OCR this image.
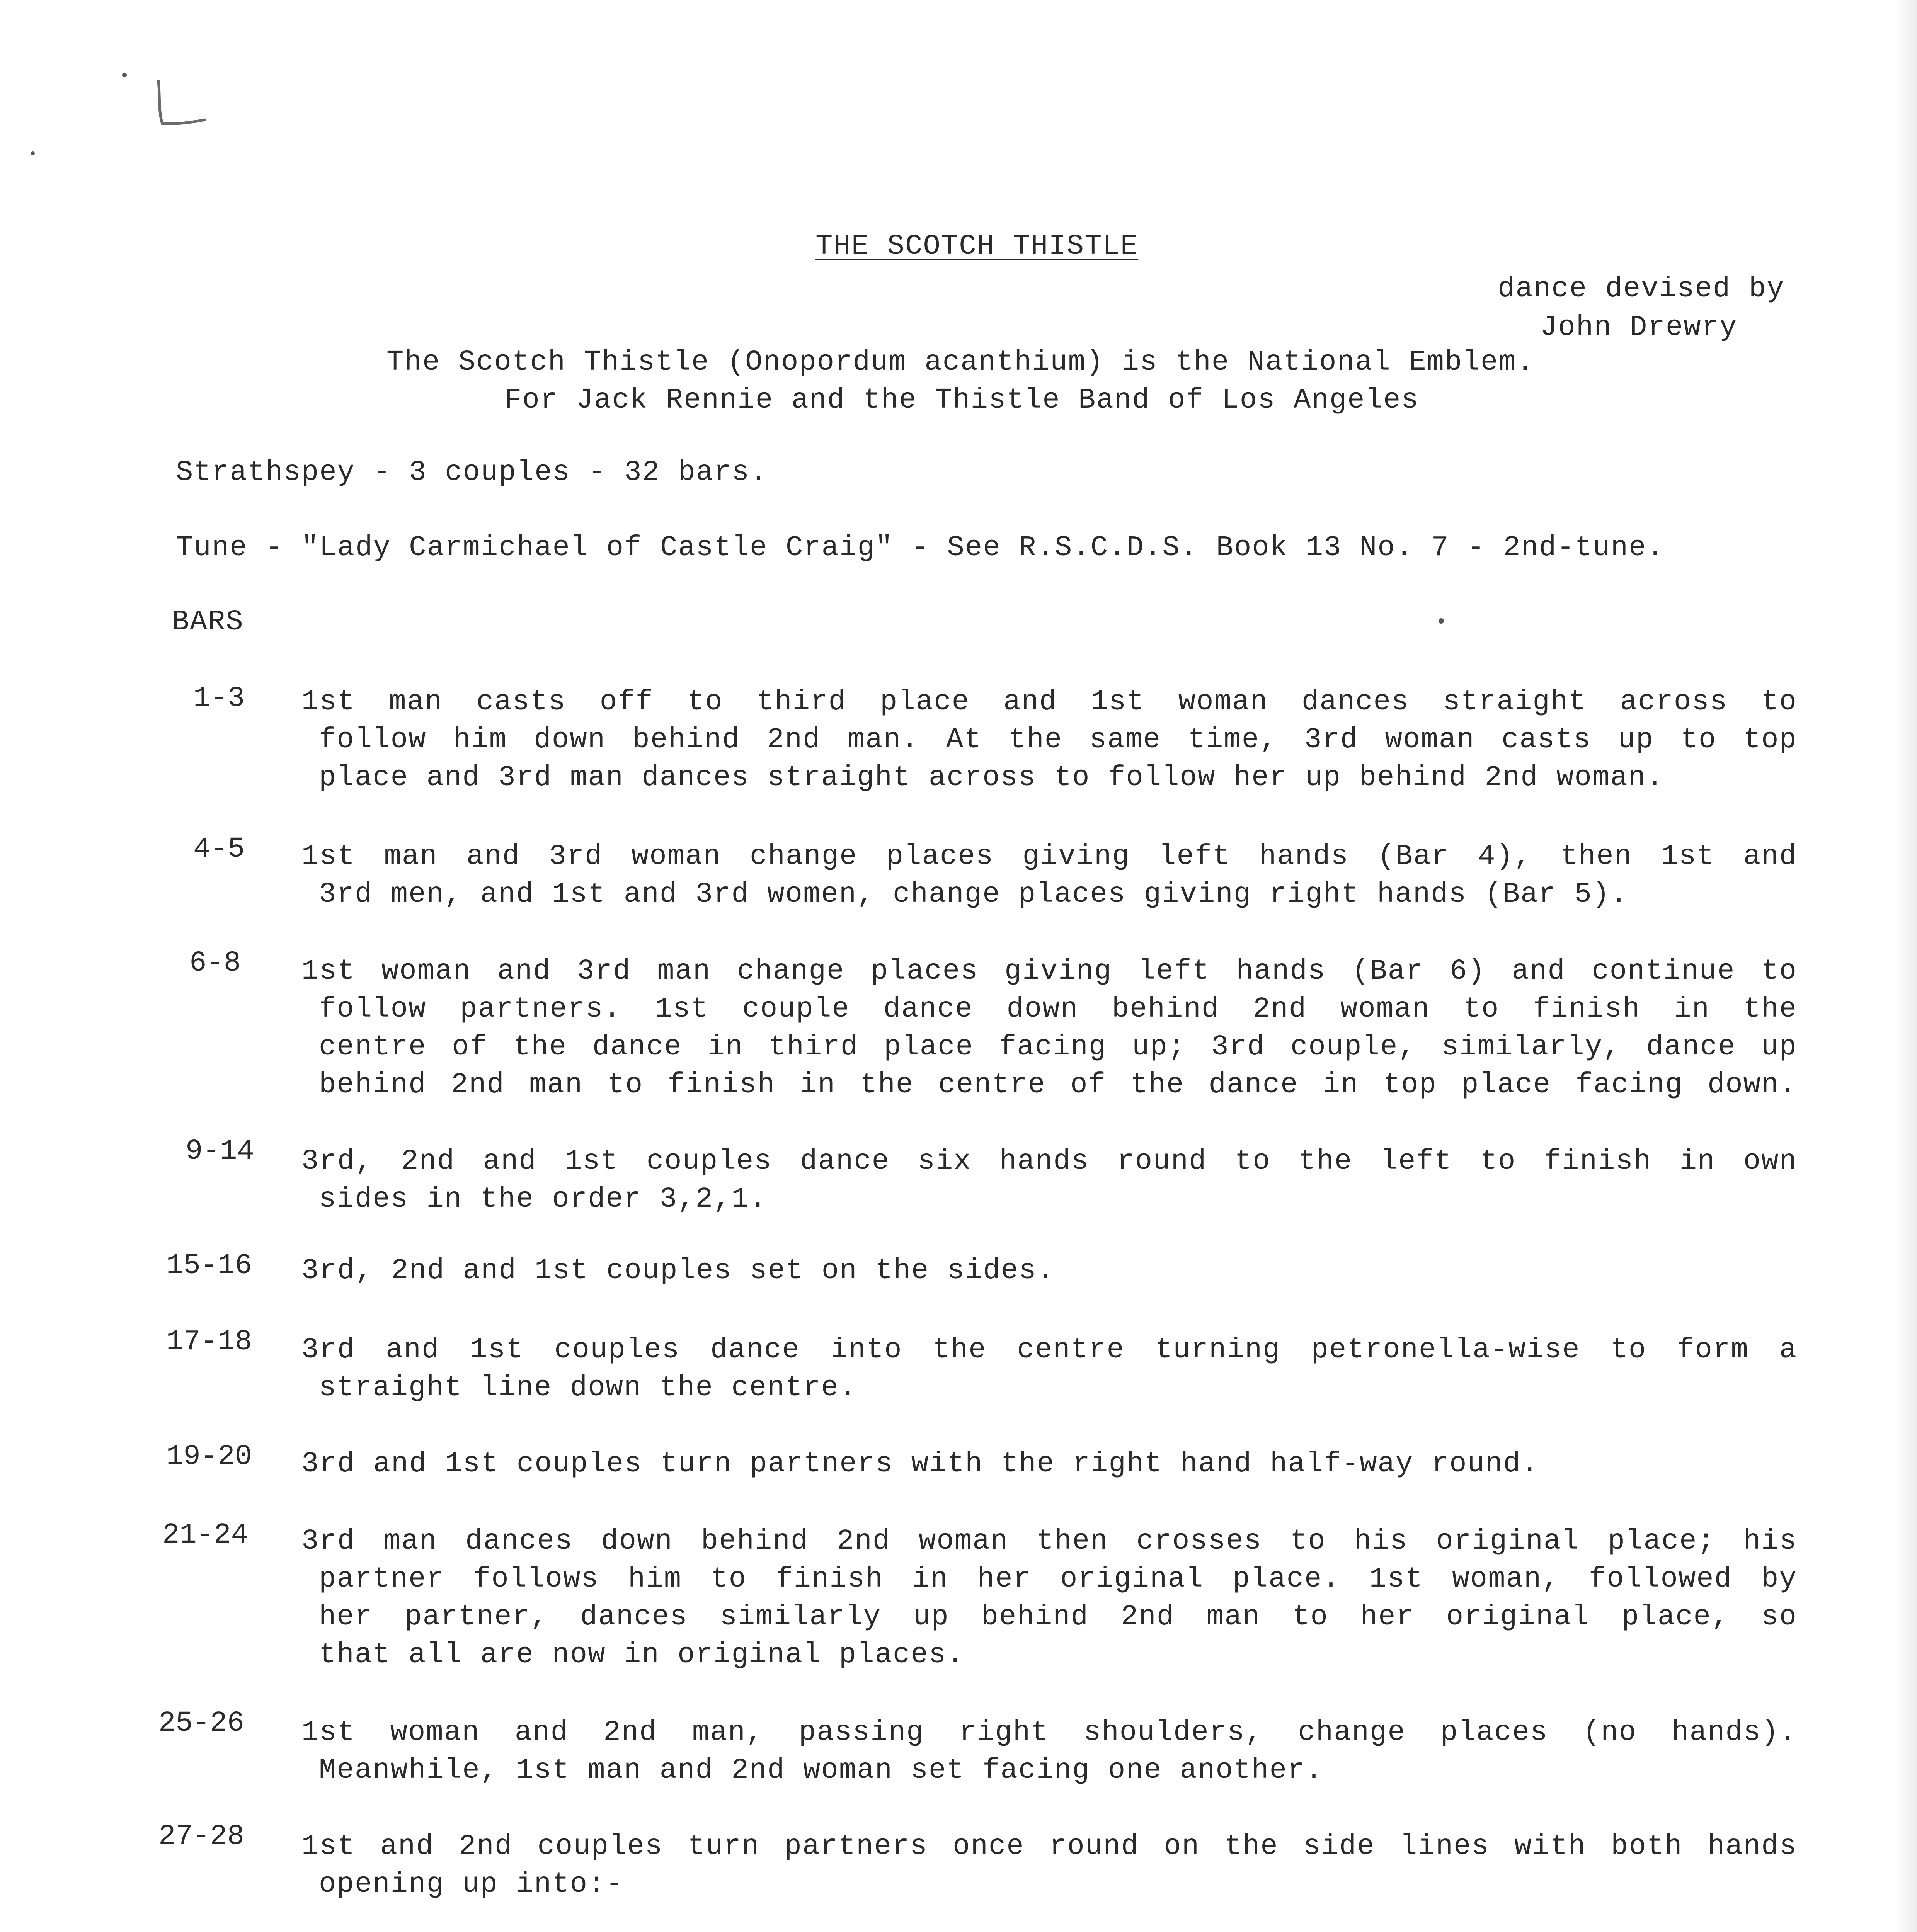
THE SCOTCH THISTLE
dance devised by
John Drewry
The Scotch Thistle (Onopordum acanthium) is the National Emblem.
For Jack Rennie and the Thistle Band of Los Angeles
Strathspey - 3 couples - 32 bars.
Tune - "Lady Carmichael of Castle Craig" - See R.S.C.D.S. Book 13 No. 7 - 2nd-tune.
BARS
1-3 1st man casts off to third place and 1st woman dances straight across to
follow him down behind 2nd man. At the same time, 3rd woman casts up to top
place and 3rd man dances straight across to follow her up behind 2nd woman.
4-5 1st man and 3rd woman change places giving left hands (Bar 4), then 1st and
3rd men, and 1st and 3rd women, change places giving right hands (Bar 5).
6-8 1st woman and 3rd man change places giving left hands (Bar 6) and continue to
follow partners. 1st couple dance down behind 2nd woman to finish in the
centre of the dance in third place facing up; 3rd couple, similarly, dance up
behind 2nd man to finish in the centre of the dance in top place facing down.
9-14 3rd, 2nd and 1st couples dance six hands round to the left to finish in own
sides in the order 3,2,1.
15-16 3rd, 2nd and 1st couples set on the sides.
17-18 3rd and 1st couples dance into the centre turning petronella-wise to form a
straight line down the centre.
19-20 3rd and 1st couples turn partners with the right hand half-way round.
21-24 3rd man dances down behind 2nd woman then crosses to his original place; his
partner follows him to finish in her original place. 1st woman, followed by
her partner, dances similarly up behind 2nd man to her original place, so
that all are now in original places.
25-26 1st woman and 2nd man, passing right shoulders, change places (no hands).
Meanwhile, 1st man and 2nd woman set facing one another.
27-28 1st and 2nd couples turn partners once round on the side lines with both hands
opening up into:-
